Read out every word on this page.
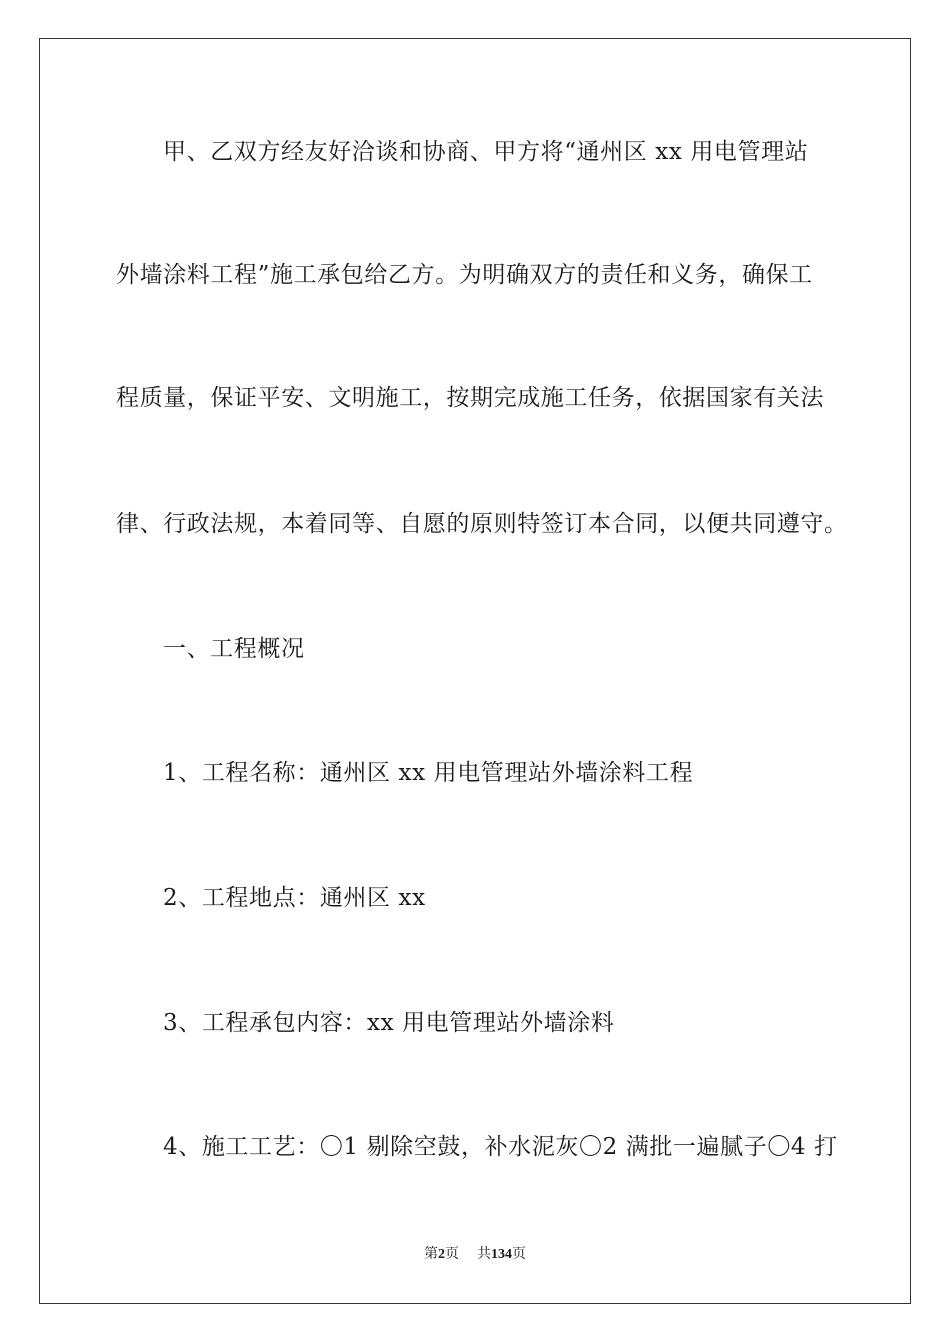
甲、乙双方经友好洽谈和协商、甲方将“通州区 xx 用电管理站
外墙涂料工程”施工承包给乙方。为明确双方的责任和义务，确保工
程质量，保证平安、文明施工，按期完成施工任务，依据国家有关法
律、行政法规，本着同等、自愿的原则特签订本合同，以便共同遵守。
一、工程概况
1、工程名称：通州区 xx 用电管理站外墙涂料工程
2、工程地点：通州区 xx
3、工程承包内容：xx 用电管理站外墙涂料
4、施工工艺：〇1 剔除空鼓，补水泥灰〇2 满批一遍腻子〇4 打
第2页 共134页
